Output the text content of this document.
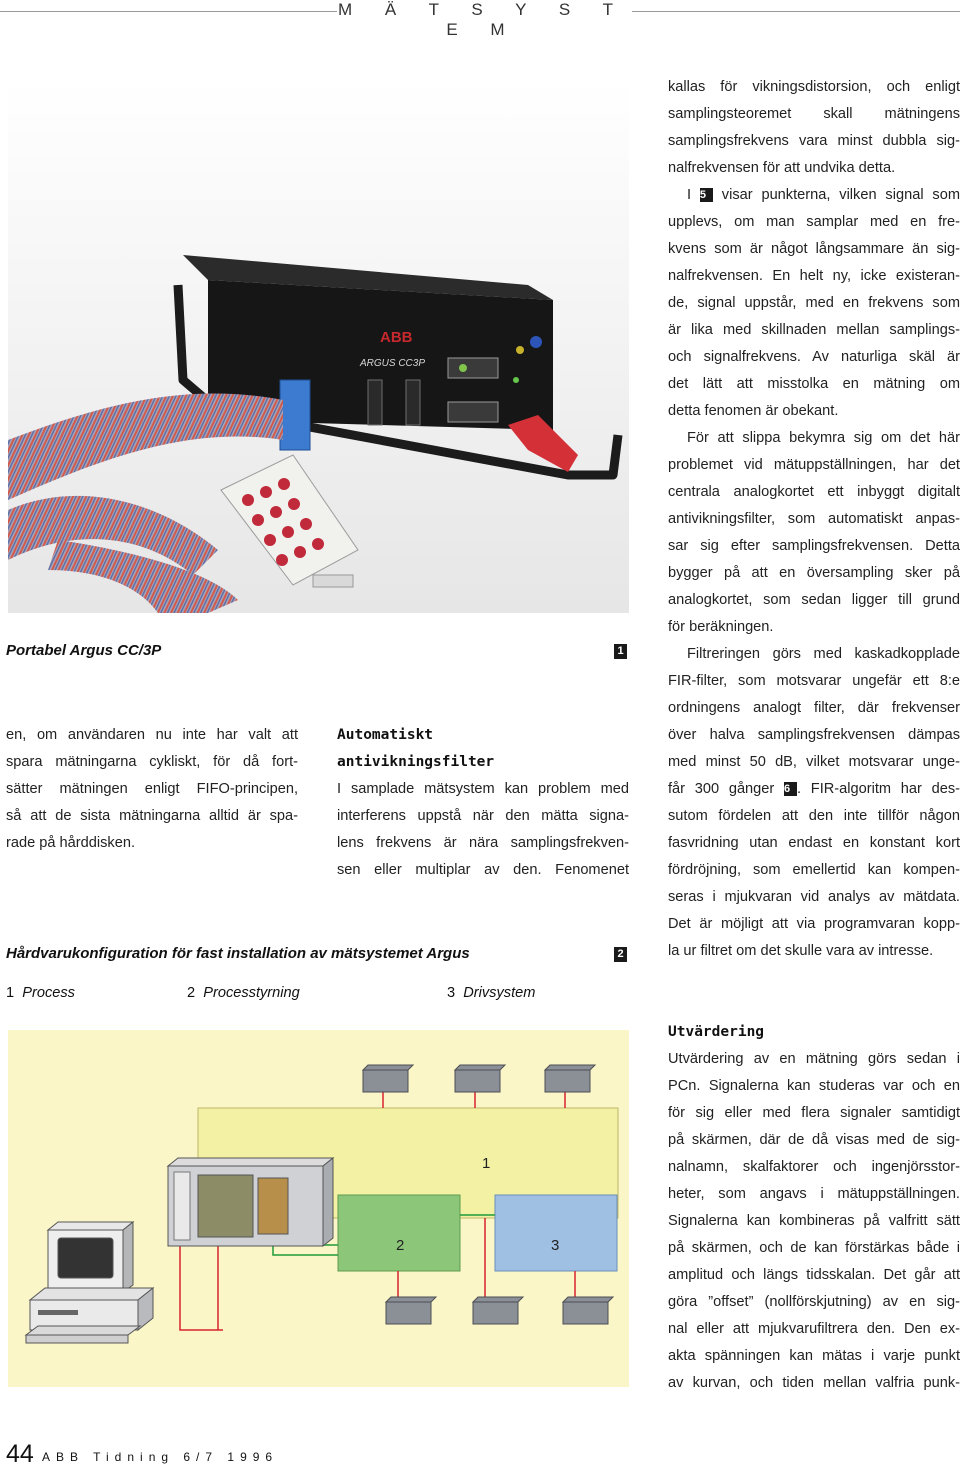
M Ä T S Y S T E M
ABB
ARGUS CC3P
Portabel Argus CC/3P	1
en, om användaren nu inte har valt att
spara mätningarna cykliskt, för då fort-
sätter mätningen enligt FIFO-principen,
så att de sista mätningarna alltid är spa-
rade på hårddisken.
Automatiskt
antivikningsfilter
I samplade mätsystem kan problem med
interferens uppstå när den mätta signa-
lens frekvens är nära samplingsfrekven-
sen eller multiplar av den. Fenomenet
kallas för vikningsdistorsion, och enligt
samplingsteoremet skall mätningens
samplingsfrekvens vara minst dubbla sig-
nalfrekvensen för att undvika detta.
I 5 visar punkterna, vilken signal som
upplevs, om man samplar med en fre-
kvens som är något långsammare än sig-
nalfrekvensen. En helt ny, icke existeran-
de, signal uppstår, med en frekvens som
är lika med skillnaden mellan samplings-
och signalfrekvens. Av naturliga skäl är
det lätt att misstolka en mätning om
detta fenomen är obekant.
För att slippa bekymra sig om det här
problemet vid mätuppställningen, har det
centrala analogkortet ett inbyggt digitalt
antivikningsfilter, som automatiskt anpas-
sar sig efter samplingsfrekvensen. Detta
bygger på att en översampling sker på
analogkortet, som sedan ligger till grund
för beräkningen.
Filtreringen görs med kaskadkopplade
FIR-filter, som motsvarar ungefär ett 8:e
ordningens analogt filter, där frekvenser
över halva samplingsfrekvensen dämpas
med minst 50 dB, vilket motsvarar unge-
får 300 gånger 6 . FIR-algoritm har des-
sutom fördelen att den inte tillför någon
fasvridning utan endast en konstant kort
fördröjning, som emellertid kan kompen-
seras i mjukvaran vid analys av mätdata.
Det är möjligt att via programvaran kopp-
la ur filtret om det skulle vara av intresse.
Utvärdering
Utvärdering av en mätning görs sedan i
PCn. Signalerna kan studeras var och en
för sig eller med flera signaler samtidigt
på skärmen, där de då visas med de sig-
nalnamn, skalfaktorer och ingenjörsstor-
heter, som angavs i mätuppställningen.
Signalerna kan kombineras på valfritt sätt
på skärmen, och de kan förstärkas både i
amplitud och längs tidsskalan. Det går att
göra ”offset” (nollförskjutning) av en sig-
nal eller att mjukvarufiltrera den. Den ex-
akta spänningen kan mätas i varje punkt
av kurvan, och tiden mellan valfria punk-
Hårdvarukonfiguration för fast installation av mätsystemet Argus	2
1 Process	2 Processtyrning	3 Drivsystem
1
2	3
44 ABB Tidning 6/7 1996
